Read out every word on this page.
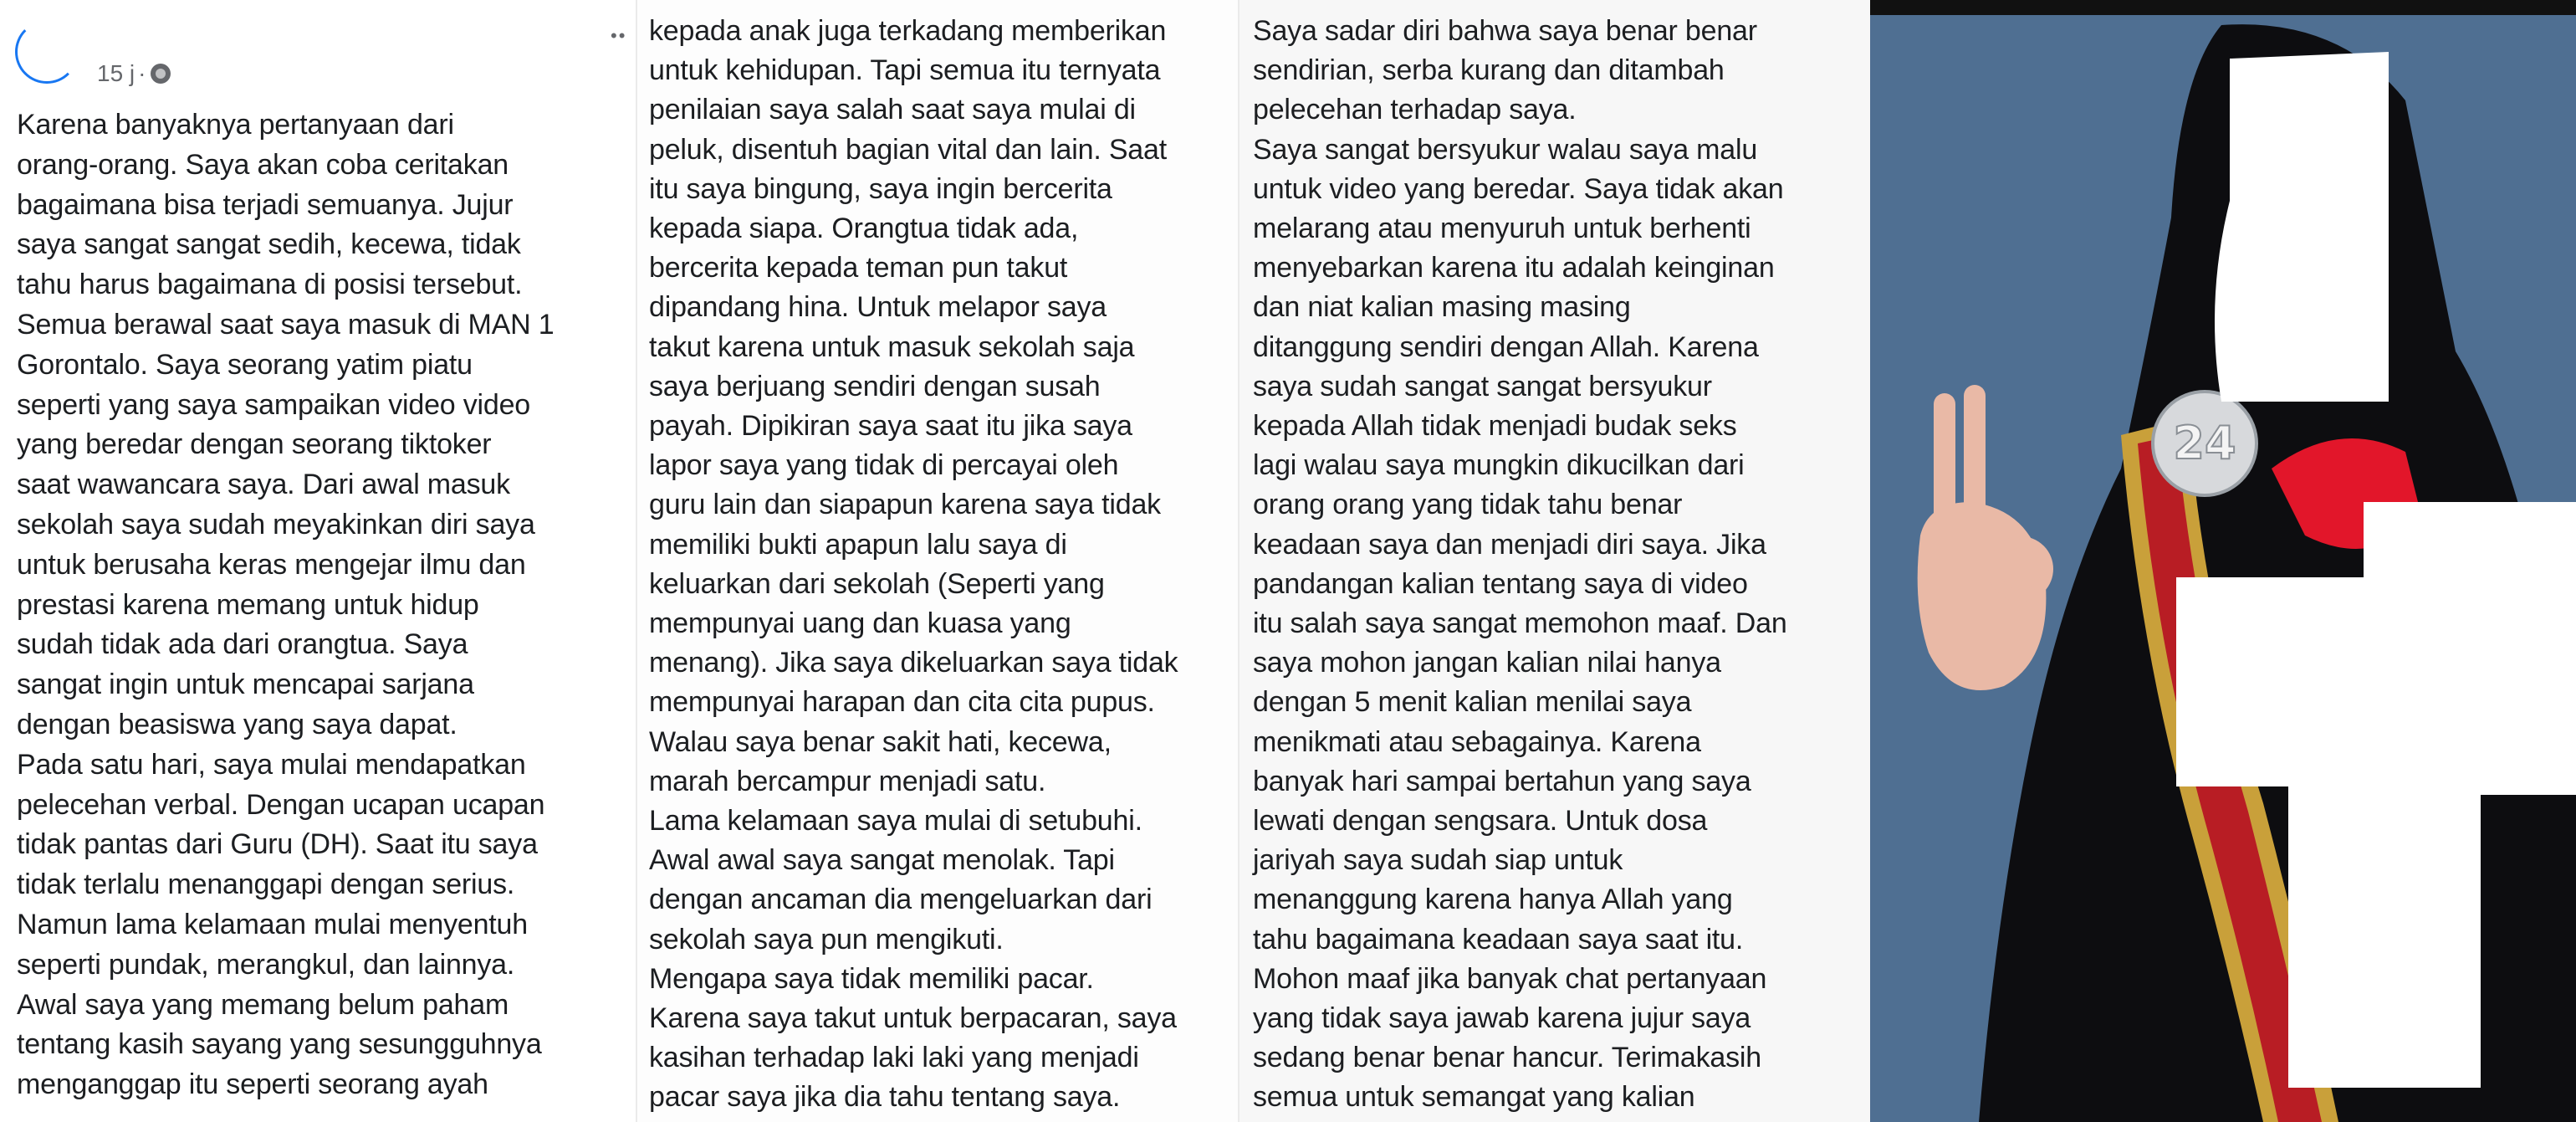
Karena banyaknya pertanyaan dari

orang-orang. Saya akan coba ceritakan

bagaimana bisa terjadi semuanya. Jujur

saya sangat sangat sedih, kecewa, tidak

tahu harus bagaimana di posisi tersebut.

Semua berawal saat saya masuk di MAN 1

Gorontalo. Saya seorang yatim piatu

seperti yang saya sampaikan video video

yang beredar dengan seorang tiktoker

saat wawancara saya. Dari awal masuk

sekolah saya sudah meyakinkan diri saya

untuk berusaha keras mengejar ilmu dan

prestasi karena memang untuk hidup

sudah tidak ada dari orangtua. Saya

sangat ingin untuk mencapai sarjana

dengan beasiswa yang saya dapat.

Pada satu hari, saya mulai mendapatkan

pelecehan verbal. Dengan ucapan ucapan

tidak pantas dari Guru (DH). Saat itu saya

tidak terlalu menanggapi dengan serius.

Namun lama kelamaan mulai menyentuh

seperti pundak, merangkul, dan lainnya.

Awal saya yang memang belum paham

tentang kasih sayang yang sesungguhnya

menganggap itu seperti seorang ayah

15 j ·

kepada anak juga terkadang memberikan

untuk kehidupan. Tapi semua itu ternyata

penilaian saya salah saat saya mulai di

peluk, disentuh bagian vital dan lain. Saat

itu saya bingung, saya ingin bercerita

kepada siapa. Orangtua tidak ada,

bercerita kepada teman pun takut

dipandang hina. Untuk melapor saya

takut karena untuk masuk sekolah saja

saya berjuang sendiri dengan susah

payah. Dipikiran saya saat itu jika saya

lapor saya yang tidak di percayai oleh

guru lain dan siapapun karena saya tidak

memiliki bukti apapun lalu saya di

keluarkan dari sekolah (Seperti yang

mempunyai uang dan kuasa yang

menang). Jika saya dikeluarkan saya tidak

mempunyai harapan dan cita cita pupus.

Walau saya benar sakit hati, kecewa,

marah bercampur menjadi satu.

Lama kelamaan saya mulai di setubuhi.

Awal awal saya sangat menolak. Tapi

dengan ancaman dia mengeluarkan dari

sekolah saya pun mengikuti.

Mengapa saya tidak memiliki pacar.

Karena saya takut untuk berpacaran, saya

kasihan terhadap laki laki yang menjadi

pacar saya jika dia tahu tentang saya.

••	Saya sadar diri bahwa saya benar benar

sendirian, serba kurang dan ditambah

pelecehan terhadap saya.

Saya sangat bersyukur walau saya malu

untuk video yang beredar. Saya tidak akan

melarang atau menyuruh untuk berhenti

menyebarkan karena itu adalah keinginan

dan niat kalian masing masing

ditanggung sendiri dengan Allah. Karena

saya sudah sangat sangat bersyukur

kepada Allah tidak menjadi budak seks

lagi walau saya mungkin dikucilkan dari

orang orang yang tidak tahu benar

keadaan saya dan menjadi diri saya. Jika

pandangan kalian tentang saya di video

itu salah saya sangat memohon maaf. Dan

saya mohon jangan kalian nilai hanya

dengan 5 menit kalian menilai saya

menikmati atau sebagainya. Karena

banyak hari sampai bertahun yang saya

lewati dengan sengsara. Untuk dosa

jariyah saya sudah siap untuk

menanggung karena hanya Allah yang

tahu bagaimana keadaan saya saat itu.

Mohon maaf jika banyak chat pertanyaan

yang tidak saya jawab karena jujur saya

sedang benar benar hancur. Terimakasih

semua untuk semangat yang kalian

24
